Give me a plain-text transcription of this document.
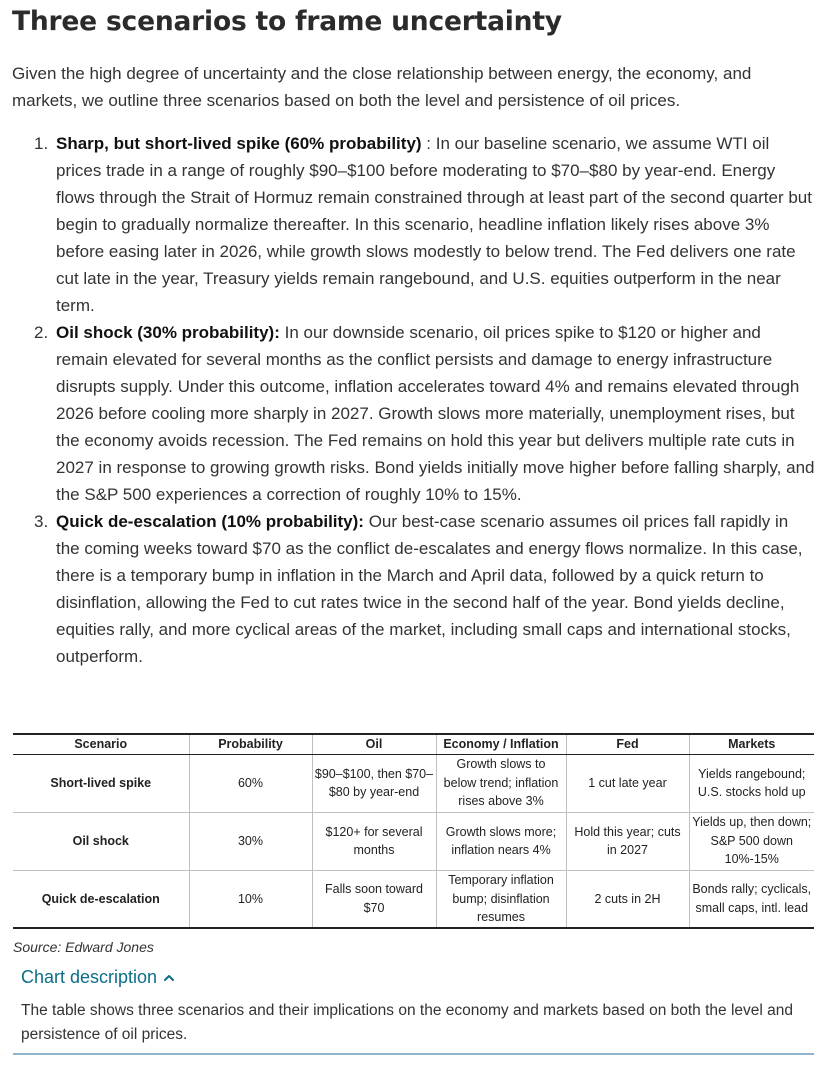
Three scenarios to frame uncertainty

Given the high degree of uncertainty and the close relationship between energy, the economy, and markets, we outline three scenarios based on both the level and persistence of oil prices.

1. Sharp, but short-lived spike (60% probability) : In our baseline scenario, we assume WTI oil prices trade in a range of roughly $90–$100 before moderating to $70–$80 by year-end. Energy flows through the Strait of Hormuz remain constrained through at least part of the second quarter but begin to gradually normalize thereafter. In this scenario, headline inflation likely rises above 3% before easing later in 2026, while growth slows modestly to below trend. The Fed delivers one rate cut late in the year, Treasury yields remain rangebound, and U.S. equities outperform in the near term.
2. Oil shock (30% probability): In our downside scenario, oil prices spike to $120 or higher and remain elevated for several months as the conflict persists and damage to energy infrastructure disrupts supply. Under this outcome, inflation accelerates toward 4% and remains elevated through 2026 before cooling more sharply in 2027. Growth slows more materially, unemployment rises, but the economy avoids recession. The Fed remains on hold this year but delivers multiple rate cuts in 2027 in response to growing growth risks. Bond yields initially move higher before falling sharply, and the S&P 500 experiences a correction of roughly 10% to 15%.
3. Quick de-escalation (10% probability): Our best-case scenario assumes oil prices fall rapidly in the coming weeks toward $70 as the conflict de-escalates and energy flows normalize. In this case, there is a temporary bump in inflation in the March and April data, followed by a quick return to disinflation, allowing the Fed to cut rates twice in the second half of the year. Bond yields decline, equities rally, and more cyclical areas of the market, including small caps and international stocks, outperform.
Scenario	Probability	Oil	Economy / Inflation	Fed	Markets
Short-lived spike	60%	$90–$100, then $70–$80 by year-end	Growth slows to below trend; inflation rises above 3%	1 cut late year	Yields rangebound; U.S. stocks hold up
Oil shock	30%	$120+ for several months	Growth slows more; inflation nears 4%	Hold this year; cuts in 2027	Yields up, then down; S&P 500 down 10%-15%
Quick de-escalation	10%	Falls soon toward $70	Temporary inflation bump; disinflation resumes	2 cuts in 2H	Bonds rally; cyclicals, small caps, intl. lead
Source: Edward Jones
Chart description

The table shows three scenarios and their implications on the economy and markets based on both the level and persistence of oil prices.
